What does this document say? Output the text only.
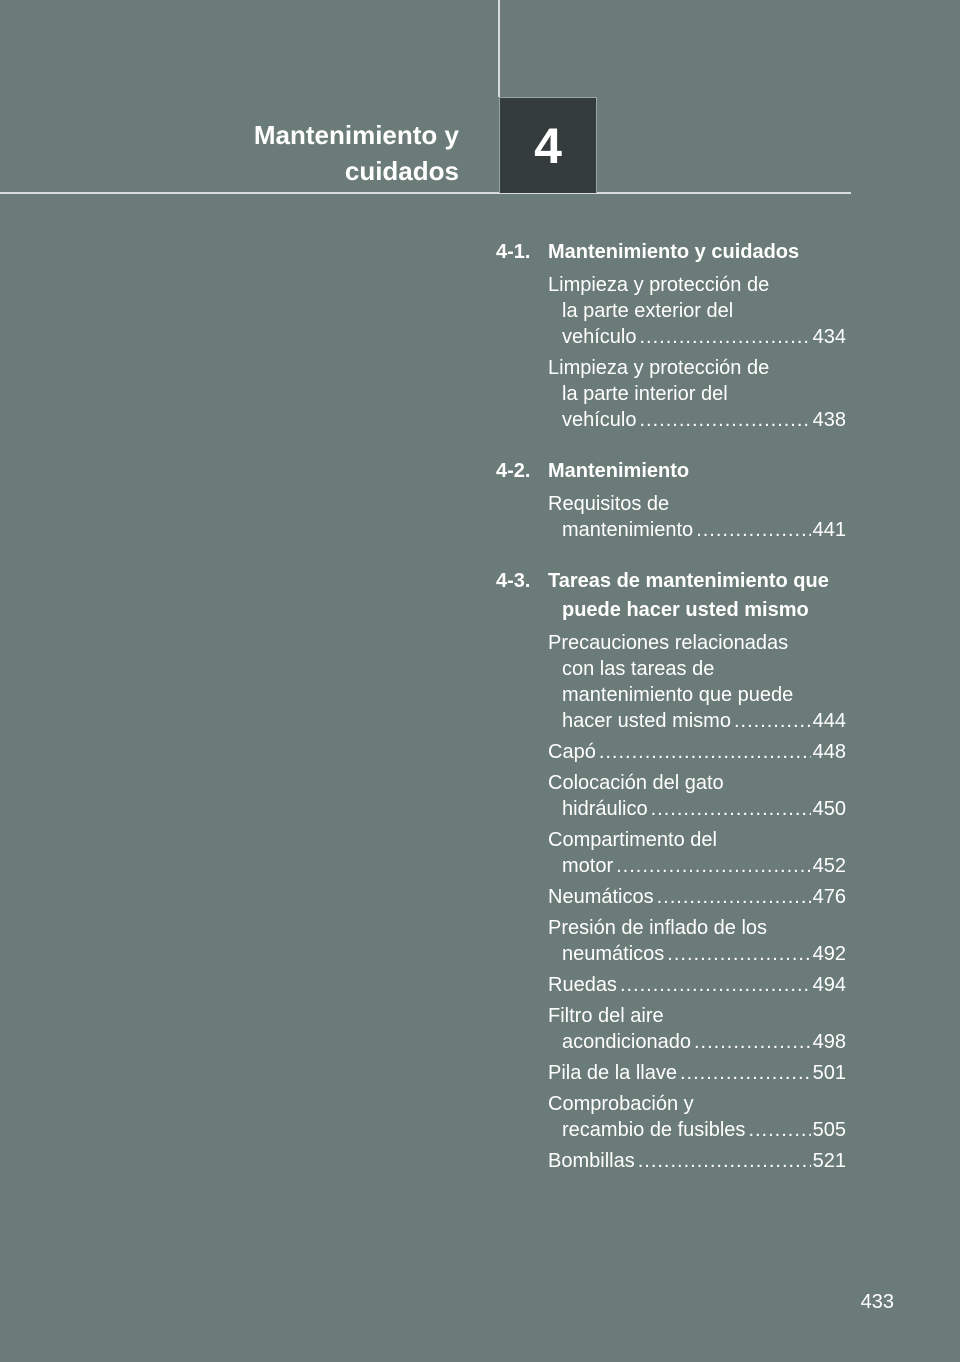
Mantenimiento y
cuidados 4
4-1. Mantenimiento y cuidados
Limpieza y protección de
la parte exterior del
vehículo .....	434
Limpieza y protección de
la parte interior del
vehículo .....	438
4-2. Mantenimiento
Requisitos de
mantenimiento .....	441
4-3. Tareas de mantenimiento que puede hacer usted mismo
Precauciones relacionadas
con las tareas de
mantenimiento que puede
hacer usted mismo .....	444
Capó .....	448
Colocación del gato
hidráulico .....	450
Compartimento del
motor .....	452
Neumáticos .....	476
Presión de inflado de los
neumáticos .....	492
Ruedas .....	494
Filtro del aire
acondicionado .....	498
Pila de la llave .....	501
Comprobación y
recambio de fusibles .....	505
Bombillas .....	521
433
